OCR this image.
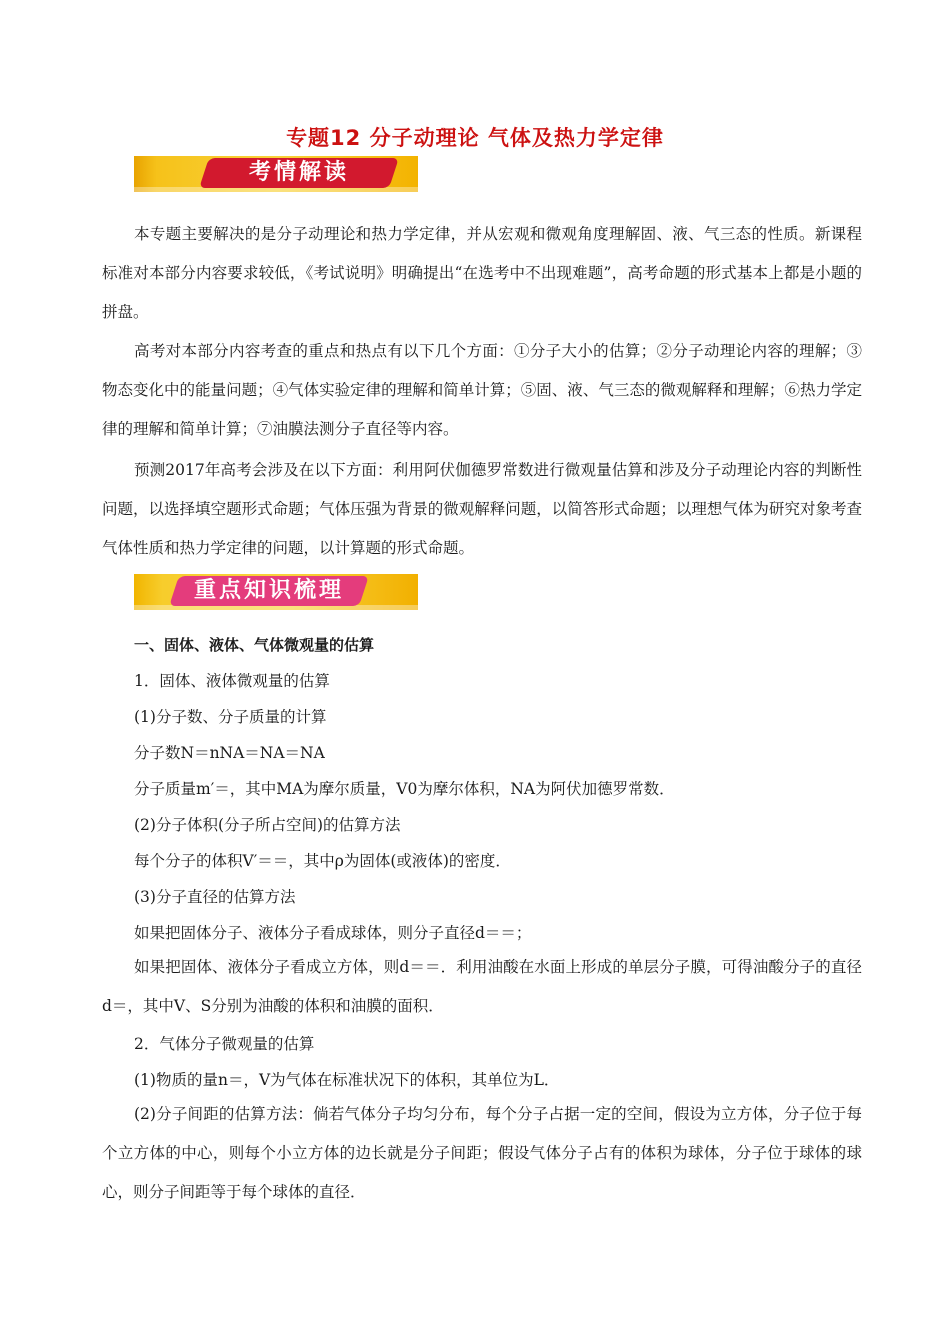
专题12 分子动理论 气体及热力学定律
考情解读

本专题主要解决的是分子动理论和热力学定律，并从宏观和微观角度理解固、液、气三态的性质。新课程标准对本部分内容要求较低，《考试说明》明确提出“在选考中不出现难题”，高考命题的形式基本上都是小题的拼盘。

高考对本部分内容考查的重点和热点有以下几个方面：①分子大小的估算；②分子动理论内容的理解；③物态变化中的能量问题；④气体实验定律的理解和简单计算；⑤固、液、气三态的微观解释和理解；⑥热力学定律的理解和简单计算；⑦油膜法测分子直径等内容。

预测2017年高考会涉及在以下方面：利用阿伏伽德罗常数进行微观量估算和涉及分子动理论内容的判断性问题，以选择填空题形式命题；气体压强为背景的微观解释问题，以简答形式命题；以理想气体为研究对象考查气体性质和热力学定律的问题，以计算题的形式命题。

重点知识梳理
一、固体、液体、气体微观量的估算
1．固体、液体微观量的估算
(1)分子数、分子质量的计算
分子数N＝nNA＝NA＝NA
分子质量m′＝，其中MA为摩尔质量，V0为摩尔体积，NA为阿伏加德罗常数．
(2)分子体积(分子所占空间)的估算方法
每个分子的体积V′＝＝，其中ρ为固体(或液体)的密度．
(3)分子直径的估算方法
如果把固体分子、液体分子看成球体，则分子直径d＝＝；

如果把固体、液体分子看成立方体，则d＝＝．利用油酸在水面上形成的单层分子膜，可得油酸分子的直径d＝，其中V、S分别为油酸的体积和油膜的面积．

2．气体分子微观量的估算
(1)物质的量n＝，V为气体在标准状况下的体积，其单位为L．

(2)分子间距的估算方法：倘若气体分子均匀分布，每个分子占据一定的空间，假设为立方体，分子位于每个立方体的中心，则每个小立方体的边长就是分子间距；假设气体分子占有的体积为球体，分子位于球体的球心，则分子间距等于每个球体的直径．
